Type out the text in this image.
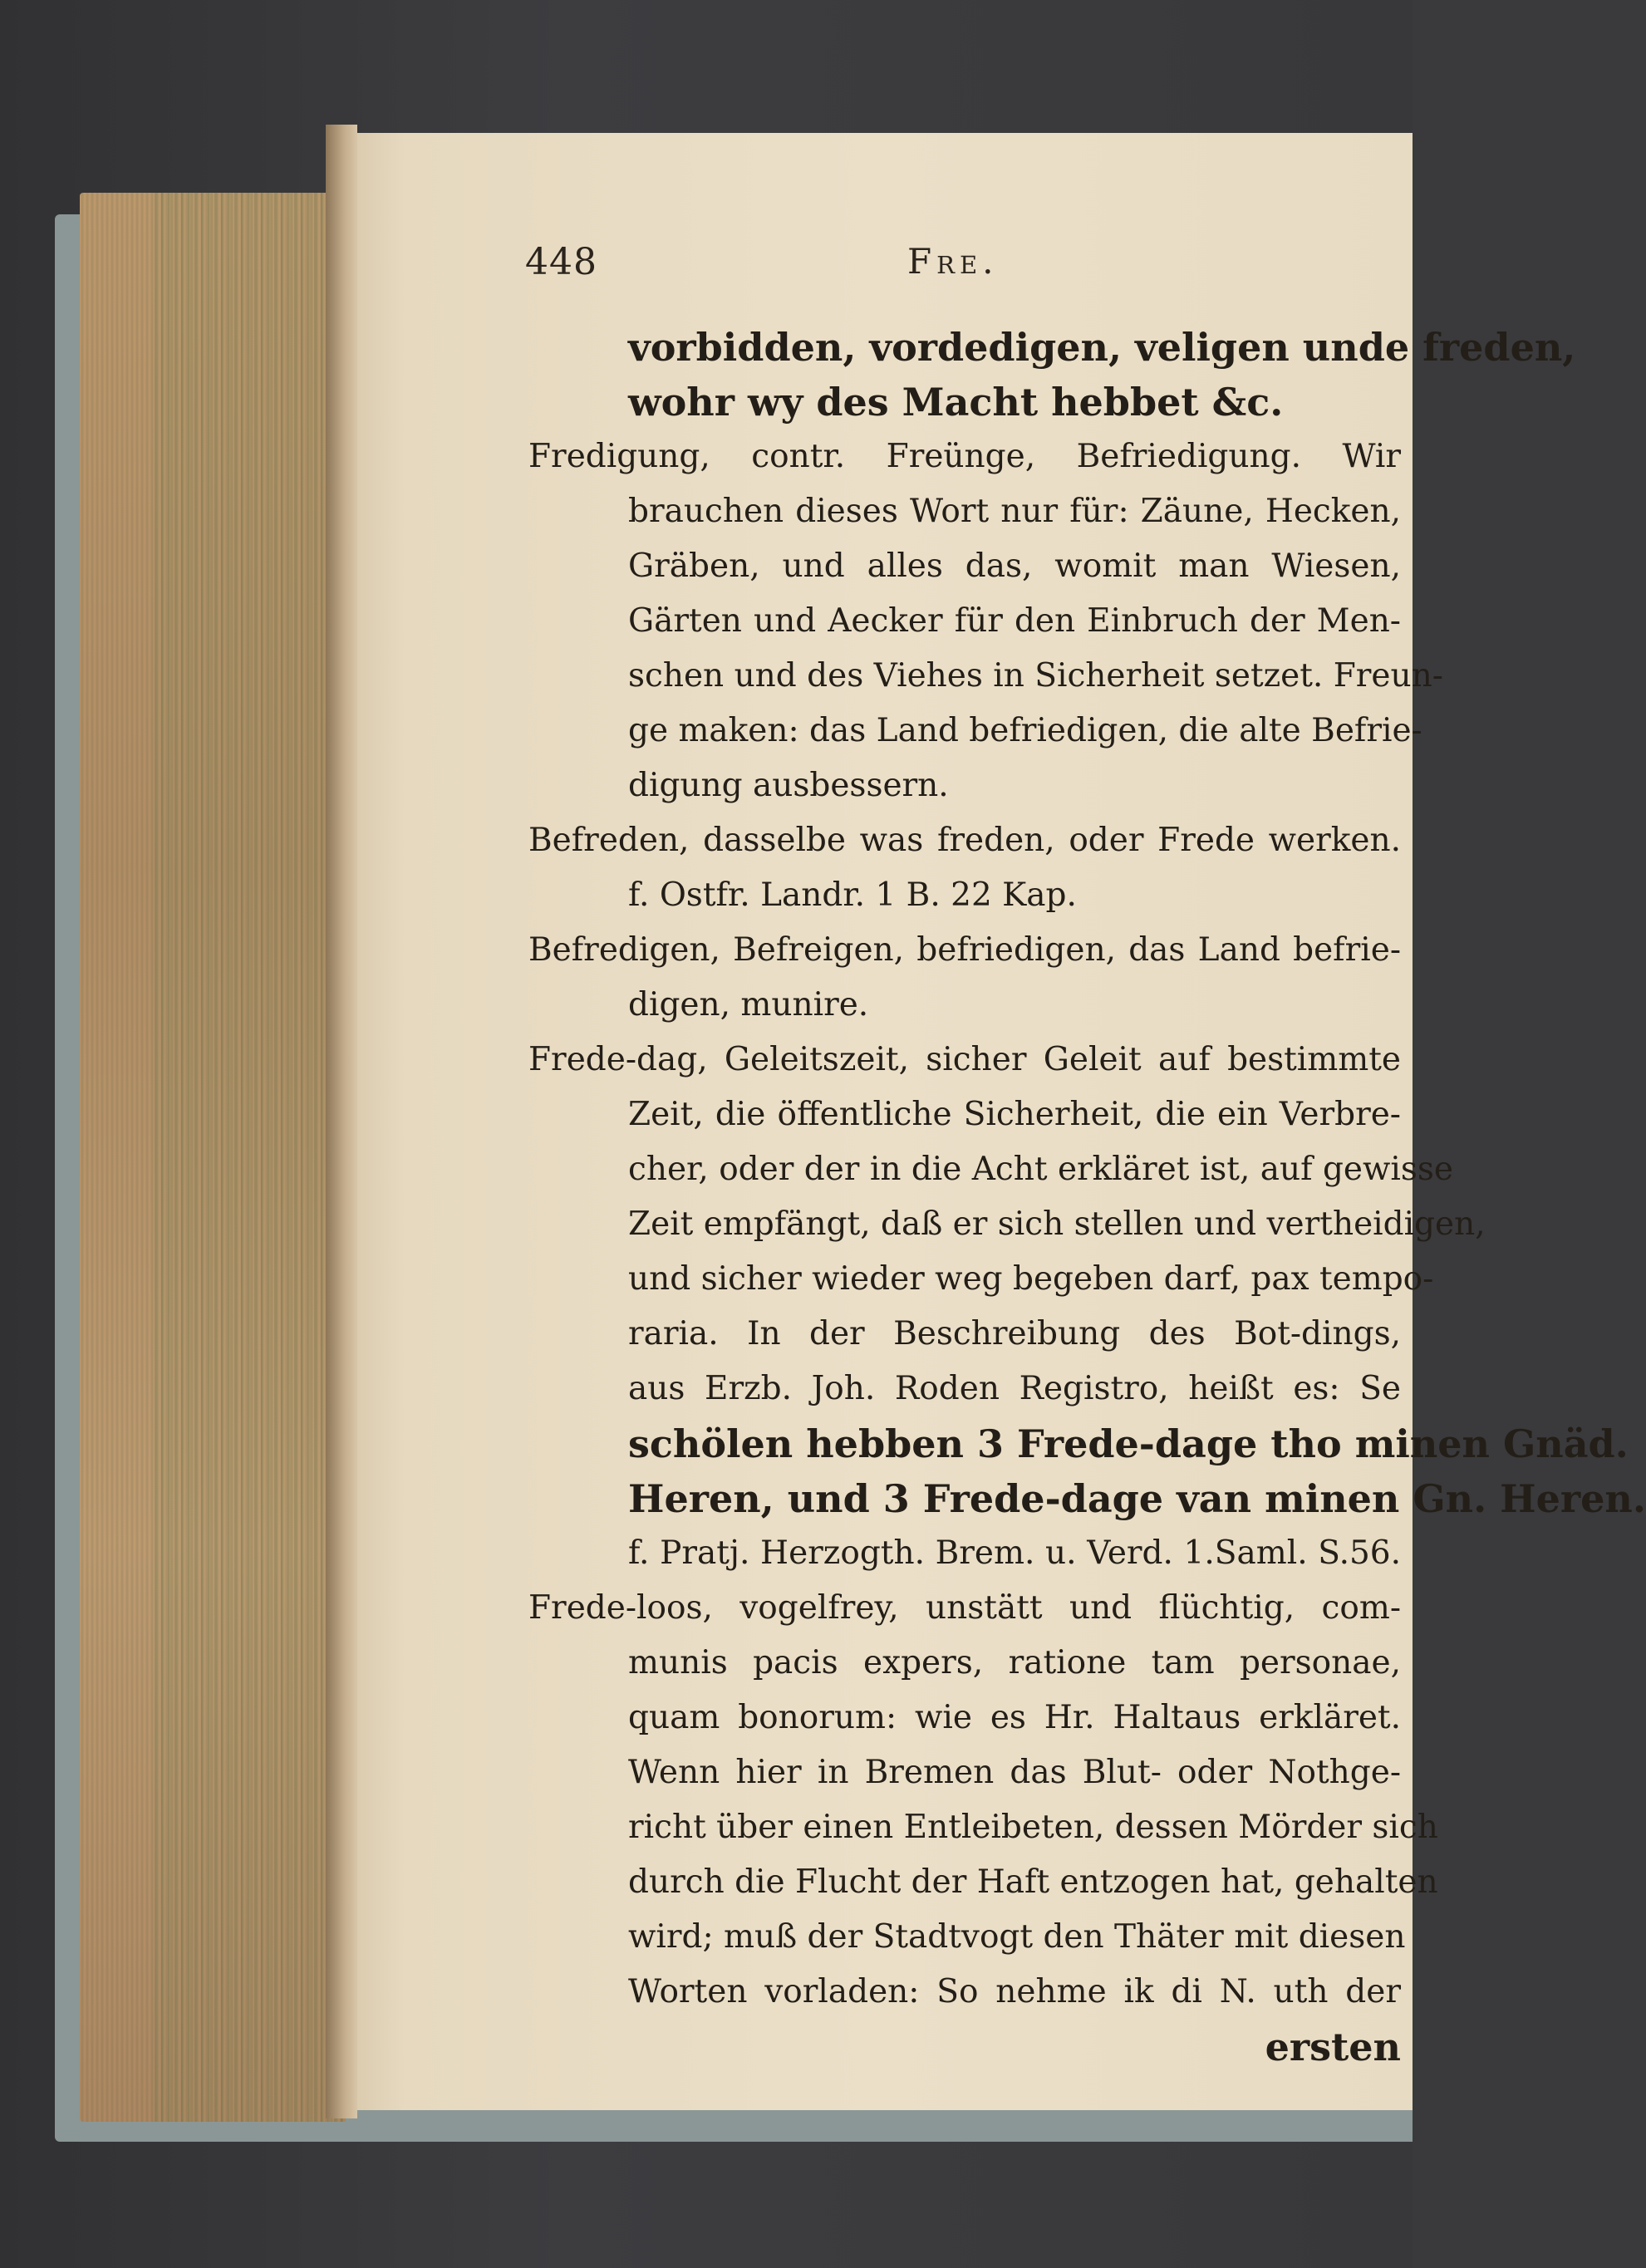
448	Fre.
vorbidden, vordedigen, veligen unde freden,
wohr wy des Macht hebbet &c.
Fredigung, contr. Freünge, Befriedigung. Wir
brauchen dieses Wort nur für: Zäune, Hecken,
Gräben, und alles das, womit man Wiesen,
Gärten und Aecker für den Einbruch der Men-
schen und des Viehes in Sicherheit setzet. Freun-
ge maken: das Land befriedigen, die alte Befrie-
digung ausbessern.
Befreden, dasselbe was freden, oder Frede werken.
f. Ostfr. Landr. 1 B. 22 Kap.
Befredigen, Befreigen, befriedigen, das Land befrie-
digen, munire.
Frede-dag, Geleitszeit, sicher Geleit auf bestimmte
Zeit, die öffentliche Sicherheit, die ein Verbre-
cher, oder der in die Acht erkläret ist, auf gewisse
Zeit empfängt, daß er sich stellen und vertheidigen,
und sicher wieder weg begeben darf, pax tempo-
raria. In der Beschreibung des Bot-dings,
aus Erzb. Joh. Roden Registro, heißt es: Se
schölen hebben 3 Frede-dage tho minen Gnäd.
Heren, und 3 Frede-dage van minen Gn. Heren.
f. Pratj. Herzogth. Brem. u. Verd. 1.Saml. S.56.
Frede-loos, vogelfrey, unstätt und flüchtig, com-
munis pacis expers, ratione tam personae,
quam bonorum: wie es Hr. Haltaus erkläret.
Wenn hier in Bremen das Blut- oder Nothge-
richt über einen Entleibeten, dessen Mörder sich
durch die Flucht der Haft entzogen hat, gehalten
wird; muß der Stadtvogt den Thäter mit diesen
Worten vorladen: So nehme ik di N. uth der
ersten
